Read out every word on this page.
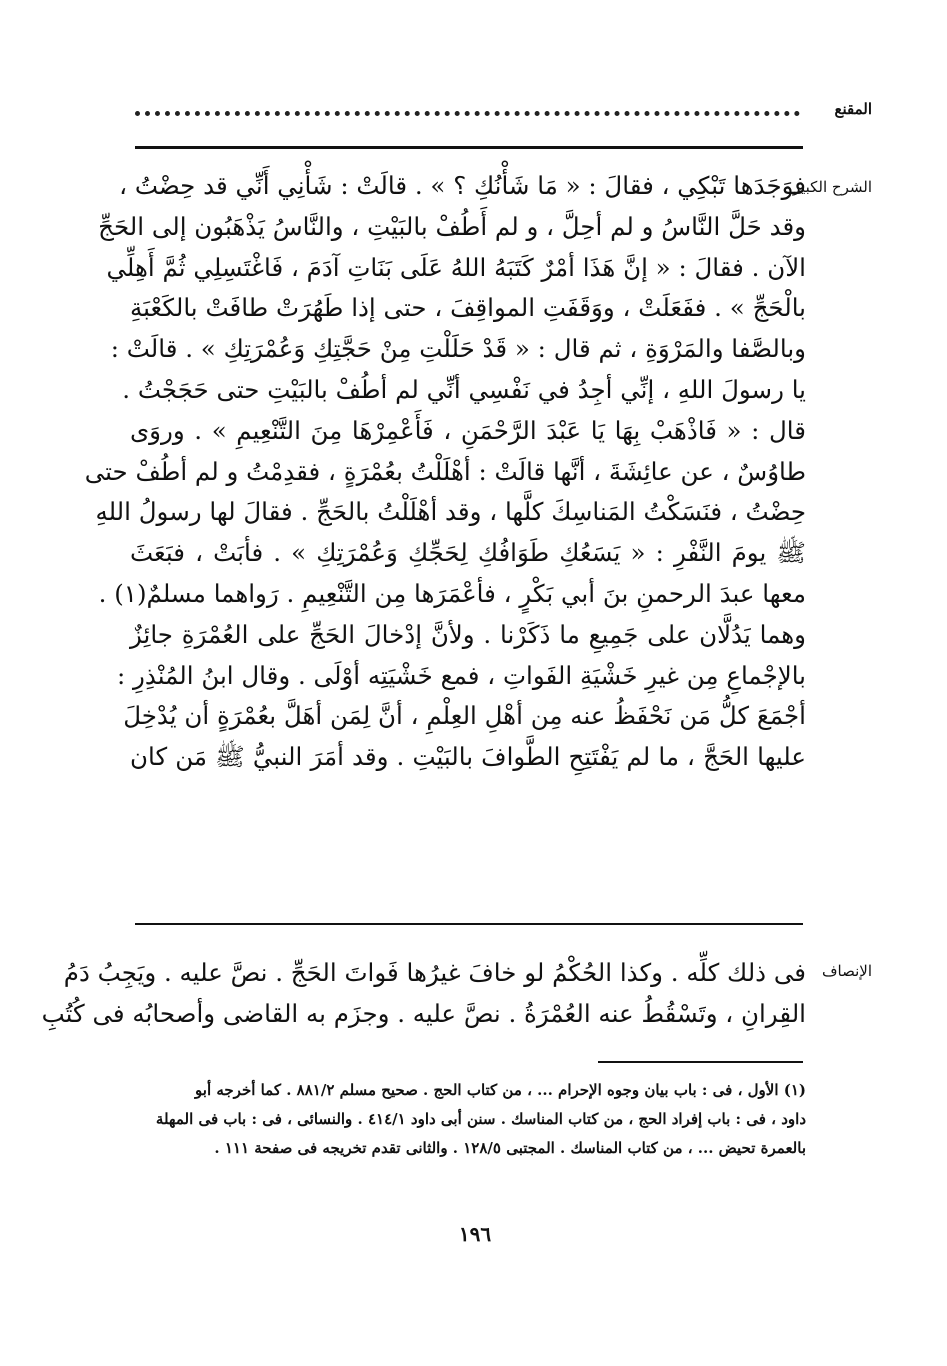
المقنع
الشرح الكبير

فوَجَدَها تَبْكِي ، فقالَ : « مَا شَأْنُكِ ؟ » . قالَتْ : شَأْنِي أَنِّي قد حِضْتُ ،

وقد حَلَّ النَّاسُ و لم أحِلَّ ، و لم أَطُفْ بالبَيْتِ ، والنَّاسُ يَذْهَبُون إلى الحَجِّ

الآن . فقالَ : « إنَّ هَذَا أمْرٌ كَتَبَهُ اللهُ عَلَى بَنَاتِ آدَمَ ، فَاغْتَسِلِي ثُمَّ أَهِلِّي

بالْحَجِّ » . ففَعَلَتْ ، ووَقَفَتِ المواقِفَ ، حتى إذا طَهُرَتْ طافَتْ بالكَعْبَةِ

وبالصَّفا والمَرْوَةِ ، ثم قال : « قَدْ حَلَلْتِ مِنْ حَجَّتِكِ وَعُمْرَتِكِ » . قالَتْ :

يا رسولَ اللهِ ، إنِّي أجِدُ في نَفْسِي أنِّي لم أطُفْ بالبَيْتِ حتى حَجَجْتُ .

قال : « فَاذْهَبْ بِهَا يَا عَبْدَ الرَّحْمَنِ ، فَأَعْمِرْهَا مِنَ التَّنْعِيمِ » . وروَى

طاوُسٌ ، عن عائِشَةَ ، أنَّها قالَتْ : أهْلَلْتُ بعُمْرَةٍ ، فقدِمْتُ و لم أطُفْ حتى

حِضْتُ ، فنَسَكْتُ المَناسِكَ كلَّها ، وقد أهْلَلْتُ بالحَجِّ . فقالَ لها رسولُ اللهِ

ﷺ يومَ النَّفْرِ : « يَسَعُكِ طَوَافُكِ لِحَجِّكِ وَعُمْرَتِكِ » . فأبَتْ ، فبَعَثَ

معها عبدَ الرحمنِ بنَ أبي بَكْرٍ ، فأعْمَرَها مِن التَّنْعِيمِ . رَواهما مسلمٌ(١) .

وهما يَدُلَّان على جَمِيعِ ما ذَكَرْنا . ولأنَّ إدْخالَ الحَجِّ على العُمْرَةِ جائِزٌ

بالإجْماعِ مِن غيرِ خَشْيَةِ الفَواتِ ، فمع خَشْيَتِه أوْلَى . وقال ابنُ المُنْذِرِ :

أجْمَعَ كلُّ مَن نَحْفَظُ عنه مِن أهْلِ العِلْمِ ، أنَّ لِمَن أهَلَّ بعُمْرَةٍ أن يُدْخِلَ

عليها الحَجَّ ، ما لم يَفْتَتِحِ الطَّوافَ بالبَيْتِ . وقد أمَرَ النبيُّ ﷺ مَن كان

الإنصاف

فى ذلك كلِّه . وكذا الحُكْمُ لو خافَ غيرُها فَواتَ الحَجِّ . نصَّ عليه . ويَجِبُ دَمُ

القِرانِ ، وتَسْقُطُ عنه العُمْرَةُ . نصَّ عليه . وجزَم به القاضى وأصحابُه فى كُتُبِ

(١) الأول ، فى : باب بيان وجوه الإحرام ... ، من كتاب الحج . صحيح مسلم ٨٨١/٢ . كما أخرجه أبو

داود ، فى : باب إفراد الحج ، من كتاب المناسك . سنن أبى داود ٤١٤/١ . والنسائى ، فى : باب فى المهلة

بالعمرة تحيض ... ، من كتاب المناسك . المجتبى ١٢٨/٥ . والثانى تقدم تخريجه فى صفحة ١١١ .

١٩٦
